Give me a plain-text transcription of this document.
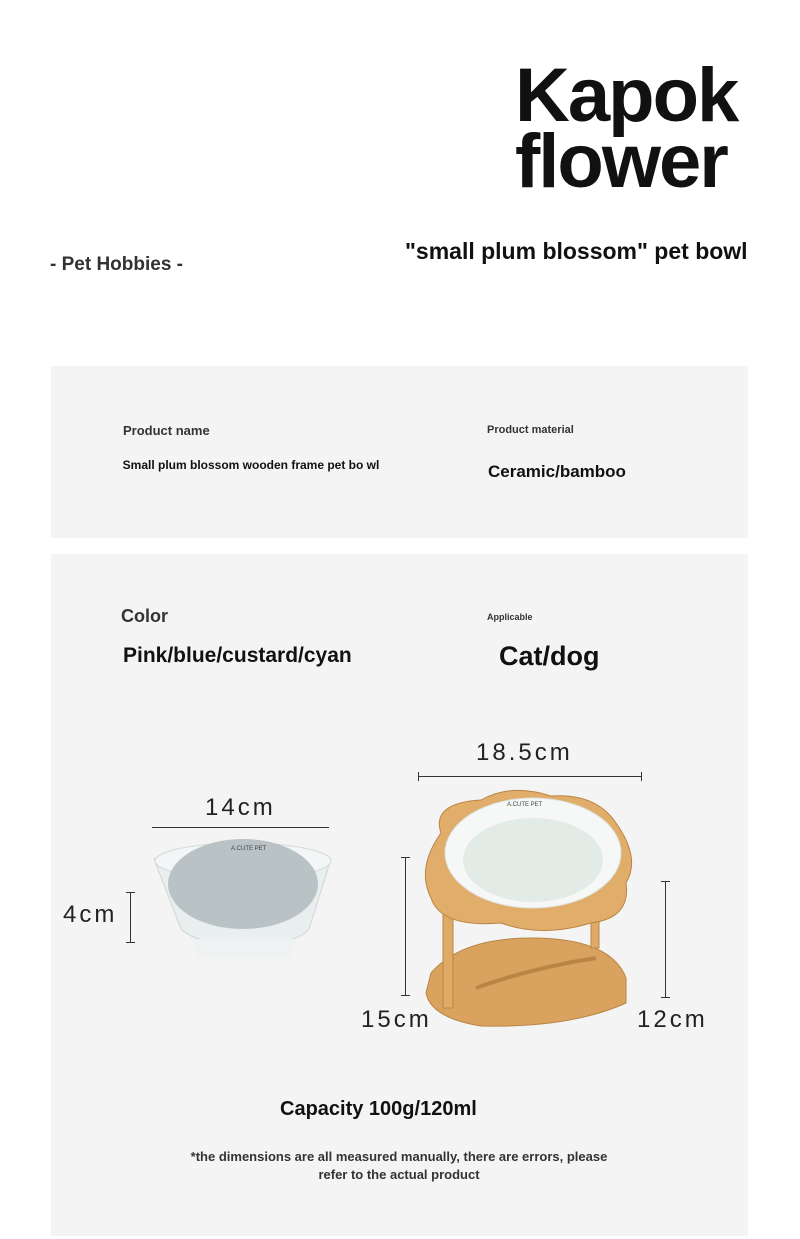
Kapok
flower
- Pet Hobbies -
"small plum blossom" pet bowl
Product name
Small plum blossom wooden frame pet bo wl
Product material
Ceramic/bamboo
Color
Pink/blue/custard/cyan
Applicable
Cat/dog
14cm
4cm
A.CUTE PET
18.5cm
15cm	12cm
A.CUTE PET
Capacity 100g/120ml
*the dimensions are all measured manually, there are errors, please refer to the actual product
